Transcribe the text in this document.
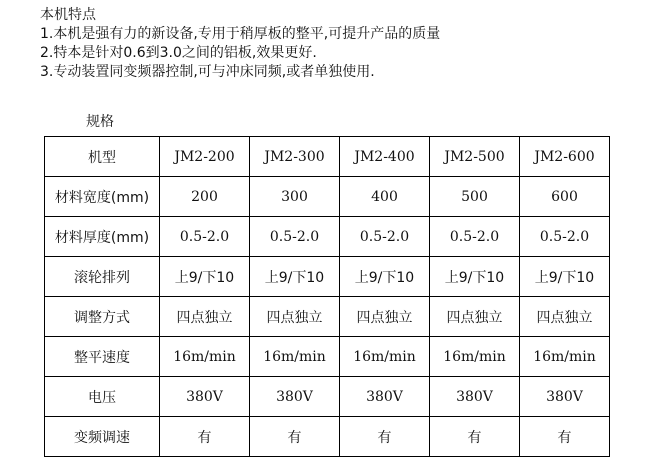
本机特点
1.本机是强有力的新设备,专用于稍厚板的整平,可提升产品的质量
2.特本是针对0.6到3.0之间的铝板,效果更好.
3.专动装置同变频器控制,可与冲床同频,或者单独使用.
规格
机型	JM2-200	JM2-300	JM2-400	JM2-500	JM2-600
材料宽度(mm)	200	300	400	500	600
材料厚度(mm)	0.5-2.0	0.5-2.0	0.5-2.0	0.5-2.0	0.5-2.0
滚轮排列	上9/下10	上9/下10	上9/下10	上9/下10	上9/下10
调整方式	四点独立	四点独立	四点独立	四点独立	四点独立
整平速度	16m/min	16m/min	16m/min	16m/min	16m/min
电压	380V	380V	380V	380V	380V
变频调速	有	有	有	有	有
